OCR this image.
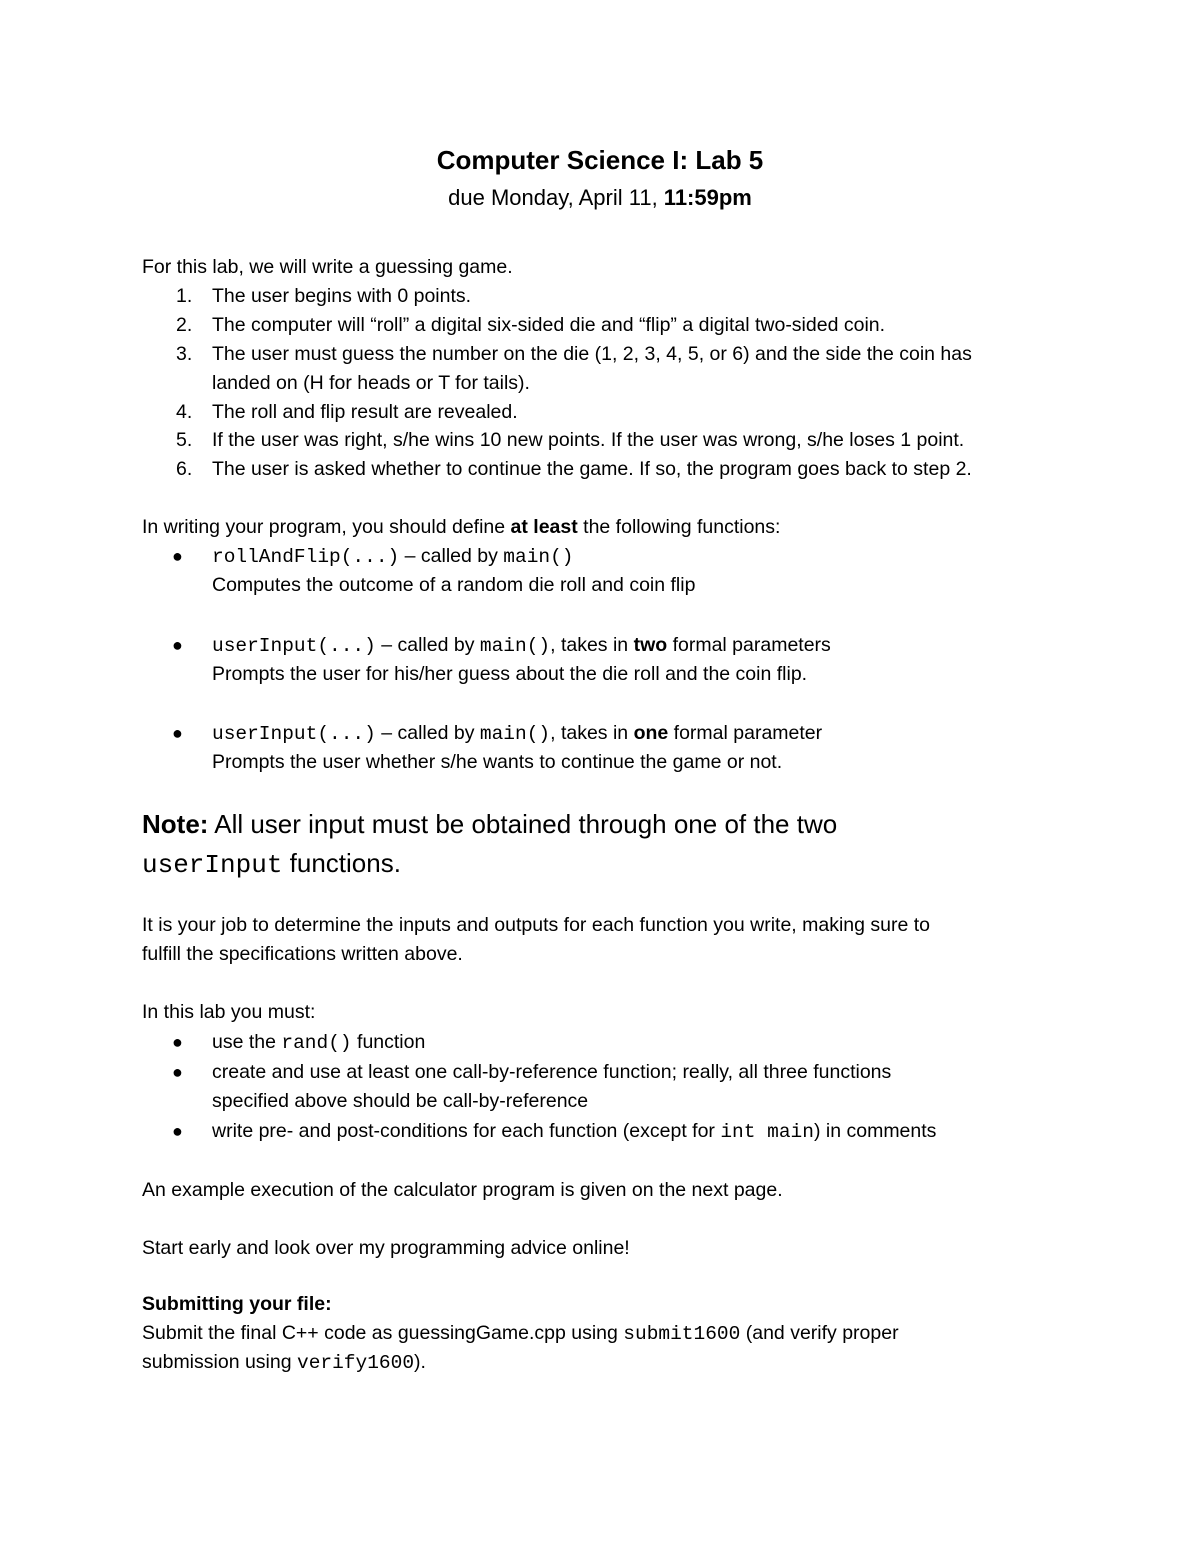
Computer Science I: Lab 5
due Monday, April 11, 11:59pm
For this lab, we will write a guessing game.
1. The user begins with 0 points.
2. The computer will “roll” a digital six-sided die and “flip” a digital two-sided coin.
3. The user must guess the number on the die (1, 2, 3, 4, 5, or 6) and the side the coin has
landed on (H for heads or T for tails).
4. The roll and flip result are revealed.
5. If the user was right, s/he wins 10 new points. If the user was wrong, s/he loses 1 point.
6. The user is asked whether to continue the game. If so, the program goes back to step 2.
In writing your program, you should define at least the following functions:
● rollAndFlip(...) – called by main()
Computes the outcome of a random die roll and coin flip
● userInput(...) – called by main(), takes in two formal parameters
Prompts the user for his/her guess about the die roll and the coin flip.
● userInput(...) – called by main(), takes in one formal parameter
Prompts the user whether s/he wants to continue the game or not.
Note: All user input must be obtained through one of the two
userInput functions.
It is your job to determine the inputs and outputs for each function you write, making sure to
fulfill the specifications written above.
In this lab you must:
● use the rand() function
● create and use at least one call-by-reference function; really, all three functions
specified above should be call-by-reference
● write pre- and post-conditions for each function (except for int main) in comments
An example execution of the calculator program is given on the next page.
Start early and look over my programming advice online!
Submitting your file:
Submit the final C++ code as guessingGame.cpp using submit1600 (and verify proper
submission using verify1600).
